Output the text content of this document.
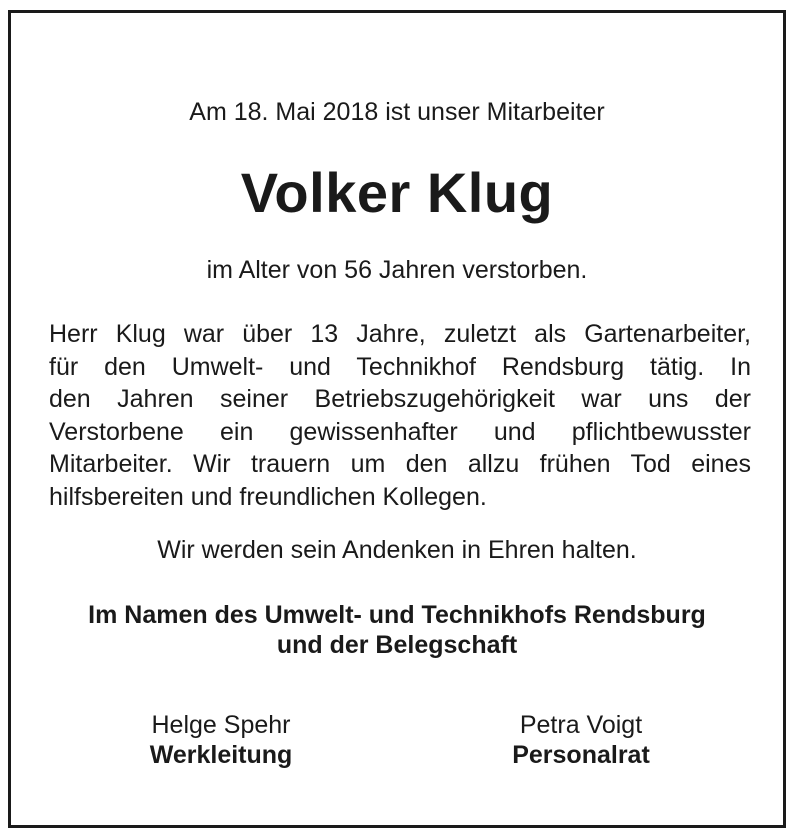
Am 18. Mai 2018 ist unser Mitarbeiter
Volker Klug
im Alter von 56 Jahren verstorben.
Herr Klug war über 13 Jahre, zuletzt als Gartenarbeiter,
für den Umwelt- und Technikhof Rendsburg tätig. In
den Jahren seiner Betriebszugehörigkeit war uns der
Verstorbene ein gewissenhafter und pflichtbewusster
Mitarbeiter. Wir trauern um den allzu frühen Tod eines
hilfsbereiten und freundlichen Kollegen.
Wir werden sein Andenken in Ehren halten.
Im Namen des Umwelt- und Technikhofs Rendsburg
und der Belegschaft
Helge Spehr
Werkleitung
Petra Voigt
Personalrat
